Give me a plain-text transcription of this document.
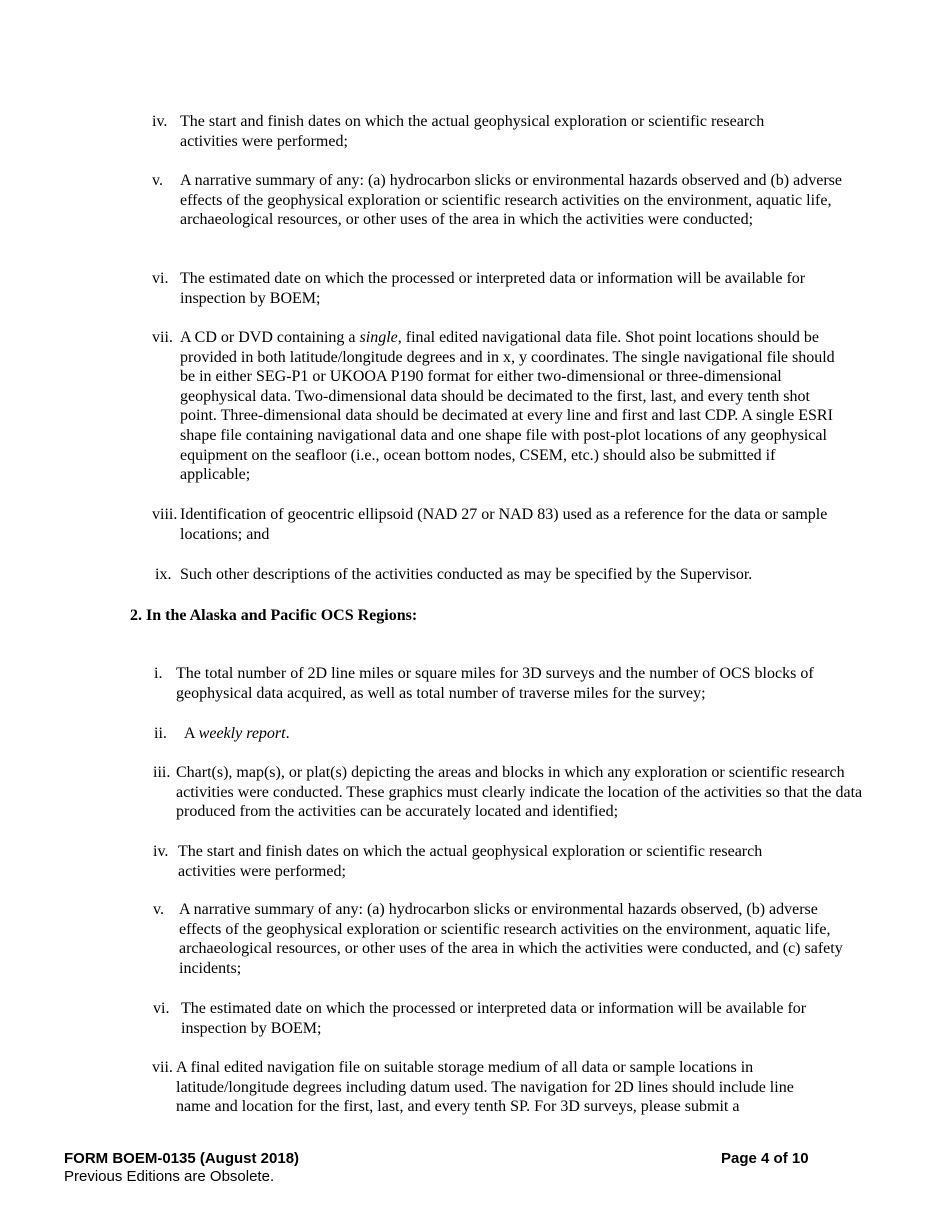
iv. The start and finish dates on which the actual geophysical exploration or scientific research activities were performed;
v.	A narrative summary of any: (a) hydrocarbon slicks or environmental hazards observed and (b) adverse effects of the geophysical exploration or scientific research activities on the environment, aquatic life, archaeological resources, or other uses of the area in which the activities were conducted;
vi. The estimated date on which the processed or interpreted data or information will be available for inspection by BOEM;
vii. A CD or DVD containing a single, final edited navigational data file. Shot point locations should be provided in both latitude/longitude degrees and in x, y coordinates. The single navigational file should be in either SEG-P1 or UKOOA P190 format for either two-dimensional or three-dimensional geophysical data. Two-dimensional data should be decimated to the first, last, and every tenth shot point. Three-dimensional data should be decimated at every line and first and last CDP. A single ESRI shape file containing navigational data and one shape file with post-plot locations of any geophysical equipment on the seafloor (i.e., ocean bottom nodes, CSEM, etc.) should also be submitted if applicable;
viii. Identification of geocentric ellipsoid (NAD 27 or NAD 83) used as a reference for the data or sample locations; and
ix. Such other descriptions of the activities conducted as may be specified by the Supervisor.
2. In the Alaska and Pacific OCS Regions:
i. The total number of 2D line miles or square miles for 3D surveys and the number of OCS blocks of geophysical data acquired, as well as total number of traverse miles for the survey;
ii.	A weekly report.
iii. Chart(s), map(s), or plat(s) depicting the areas and blocks in which any exploration or scientific research activities were conducted. These graphics must clearly indicate the location of the activities so that the data produced from the activities can be accurately located and identified;
iv. The start and finish dates on which the actual geophysical exploration or scientific research activities were performed;
v. A narrative summary of any: (a) hydrocarbon slicks or environmental hazards observed, (b) adverse effects of the geophysical exploration or scientific research activities on the environment, aquatic life, archaeological resources, or other uses of the area in which the activities were conducted, and (c) safety incidents;
vi. The estimated date on which the processed or interpreted data or information will be available for inspection by BOEM;
vii. A final edited navigation file on suitable storage medium of all data or sample locations in latitude/longitude degrees including datum used. The navigation for 2D lines should include line name and location for the first, last, and every tenth SP. For 3D surveys, please submit a
FORM BOEM-0135 (August 2018)
Previous Editions are Obsolete.
Page 4 of 10
